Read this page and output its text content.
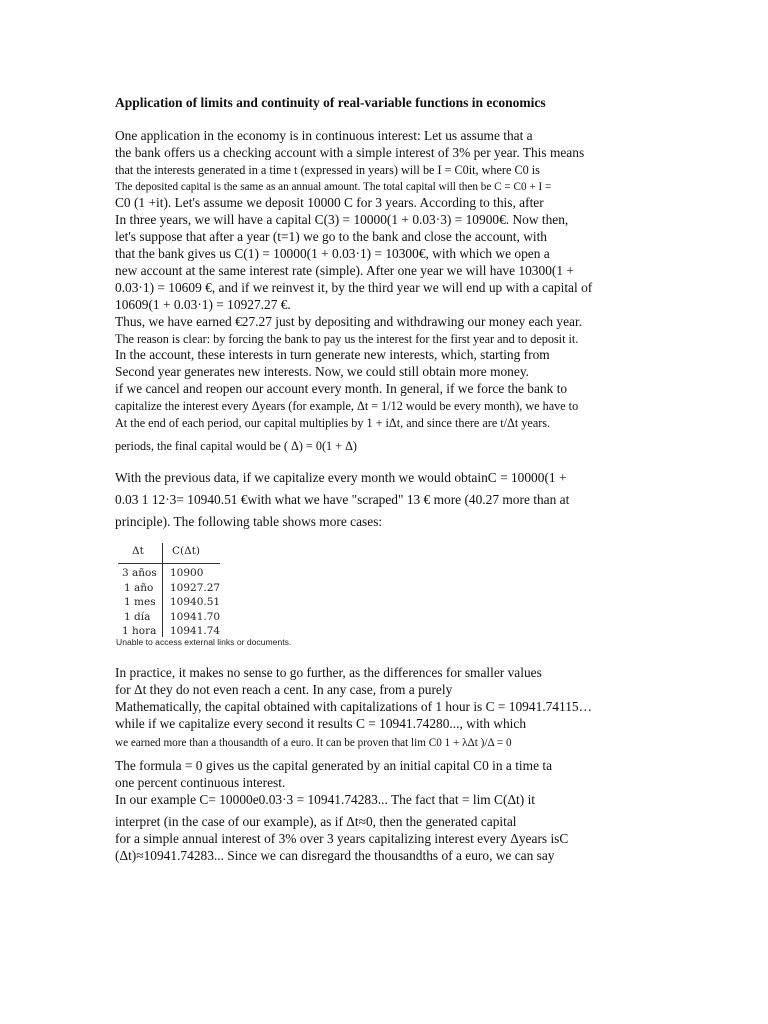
Application of limits and continuity of real-variable functions in economics
One application in the economy is in continuous interest: Let us assume that a
the bank offers us a checking account with a simple interest of 3% per year. This means
that the interests generated in a time t (expressed in years) will be I = C0it, where C0 is
The deposited capital is the same as an annual amount. The total capital will then be C = C0 + I =
C0 (1 +it). Let's assume we deposit 10000 C for 3 years. According to this, after
In three years, we will have a capital C(3) = 10000(1 + 0.03·3) = 10900€. Now then,
let's suppose that after a year (t=1) we go to the bank and close the account, with
that the bank gives us C(1) = 10000(1 + 0.03·1) = 10300€, with which we open a
new account at the same interest rate (simple). After one year we will have 10300(1 +
0.03·1) = 10609 €, and if we reinvest it, by the third year we will end up with a capital of
10609(1 + 0.03·1) = 10927.27 €.
Thus, we have earned €27.27 just by depositing and withdrawing our money each year.
The reason is clear: by forcing the bank to pay us the interest for the first year and to deposit it.
In the account, these interests in turn generate new interests, which, starting from
Second year generates new interests. Now, we could still obtain more money.
if we cancel and reopen our account every month. In general, if we force the bank to
capitalize the interest every Δyears (for example, Δt = 1/12 would be every month), we have to
At the end of each period, our capital multiplies by 1 + iΔt, and since there are t/Δt years.
periods, the final capital would be ( Δ) = 0(1 + Δ)
With the previous data, if we capitalize every month we would obtainC = 10000(1 +
0.03 1 12·3= 10940.51 €with what we have "scraped" 13 € more (40.27 more than at
principle). The following table shows more cases:
Δt	C(Δt)
3 años 10900
1 año 10927.27
1 mes 10940.51
1 día 10941.70
1 hora 10941.74
Unable to access external links or documents.
In practice, it makes no sense to go further, as the differences for smaller values
for Δt they do not even reach a cent. In any case, from a purely
Mathematically, the capital obtained with capitalizations of 1 hour is C = 10941.74115…
while if we capitalize every second it results C = 10941.74280..., with which
we earned more than a thousandth of a euro. It can be proven that lim C0 1 + λΔt )/Δ = 0
The formula = 0 gives us the capital generated by an initial capital C0 in a time ta
one percent continuous interest.
In our example C= 10000e0.03·3 = 10941.74283... The fact that = lim C(Δt) it
interpret (in the case of our example), as if Δt≈0, then the generated capital
for a simple annual interest of 3% over 3 years capitalizing interest every Δyears isC
(Δt)≈10941.74283... Since we can disregard the thousandths of a euro, we can say
